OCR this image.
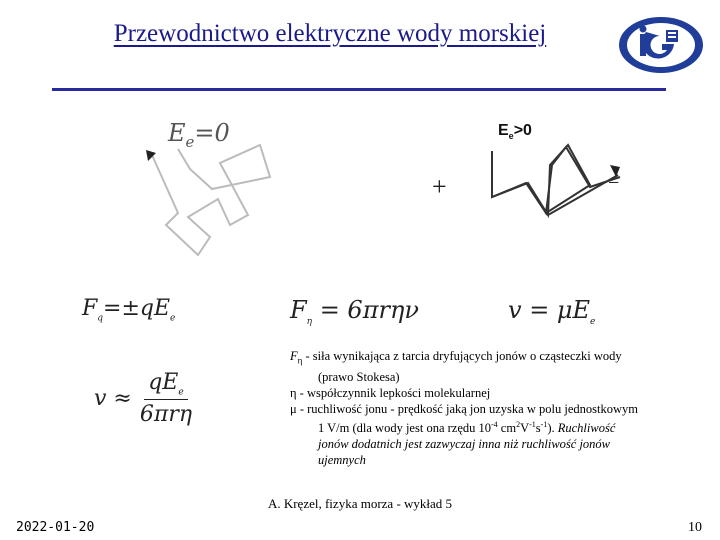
Przewodnictwo elektryczne wody morskiej
$E_e=0$	$E_e>0$
+	−
$F_q=\pm qE_e$	$F_\eta = 6\pi r\eta\nu$	$v = \mu E_e$
$v \approx \frac{qE_e}{\text{6πrη}}$
$F_\eta$ - siła wynikająca z tarcia dryfujących jonów o cząsteczki wody
(prawo Stokesa)
η - współczynnik lepkości molekularnej
μ - ruchliwość jonu - prędkość jaką jon uzyska w polu jednostkowym
1 V/m (dla wody jest ona rzędu $10^{-4}$ $cm^2V^{-1}s^{-1}$). Ruchliwość
jonów dodatnich jest zazwyczaj inna niż ruchliwość jonów
ujemnych
A. Kręzel, fizyka morza - wykład 5
2022-01-20	10
